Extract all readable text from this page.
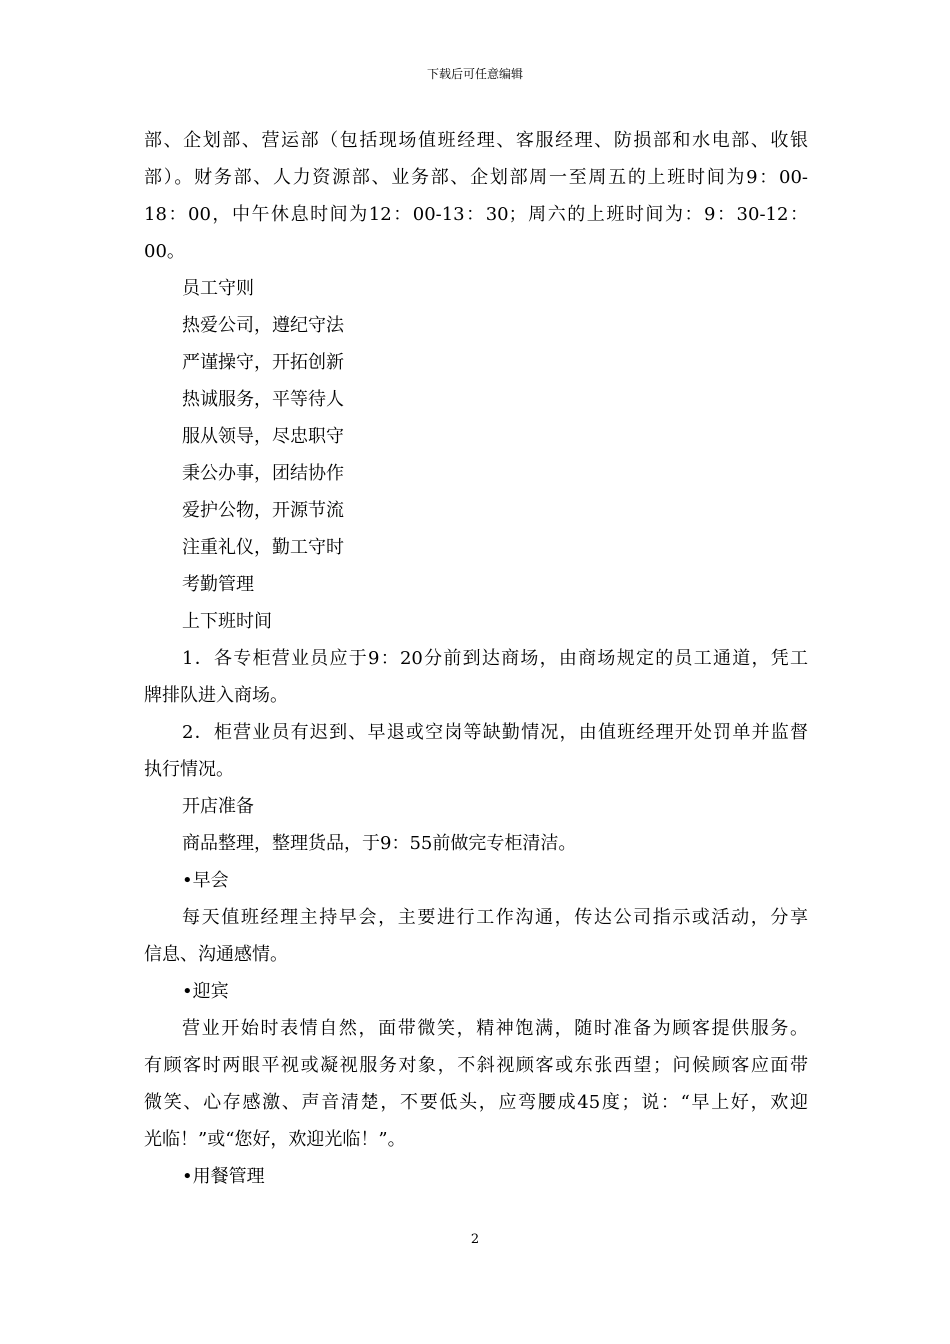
下载后可任意编辑
部、企划部、营运部（包括现场值班经理、客服经理、防损部和水电部、收银
部）。财务部、人力资源部、业务部、企划部周一至周五的上班时间为9：00-
18：00，中午休息时间为12：00-13：30；周六的上班时间为：9：30-12：
00。
员工守则
热爱公司，遵纪守法
严谨操守，开拓创新
热诚服务，平等待人
服从领导，尽忠职守
秉公办事，团结协作
爱护公物，开源节流
注重礼仪，勤工守时
考勤管理
上下班时间
1．各专柜营业员应于9：20分前到达商场，由商场规定的员工通道，凭工
牌排队进入商场。
2．柜营业员有迟到、早退或空岗等缺勤情况，由值班经理开处罚单并监督
执行情况。
开店准备
商品整理，整理货品，于9：55前做完专柜清洁。
•早会
每天值班经理主持早会，主要进行工作沟通，传达公司指示或活动，分享
信息、沟通感情。
•迎宾
营业开始时表情自然，面带微笑，精神饱满，随时准备为顾客提供服务。
有顾客时两眼平视或凝视服务对象，不斜视顾客或东张西望；问候顾客应面带
微笑、心存感激、声音清楚，不要低头，应弯腰成45度；说：“早上好，欢迎
光临！”或“您好，欢迎光临！”。
•用餐管理
2
